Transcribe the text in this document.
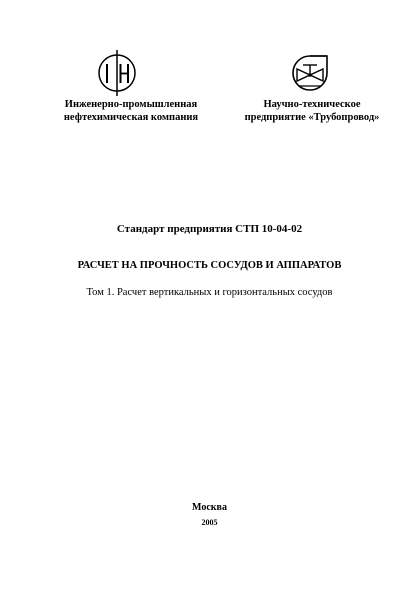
Инженерно-промышленная
нефтехимическая компания
Научно-техническое
предприятие «Трубопровод»
Стандарт предприятия СТП 10-04-02
РАСЧЕТ НА ПРОЧНОСТЬ СОСУДОВ И АППАРАТОВ
Том 1. Расчет вертикальных и горизонтальных сосудов
Москва
2005
